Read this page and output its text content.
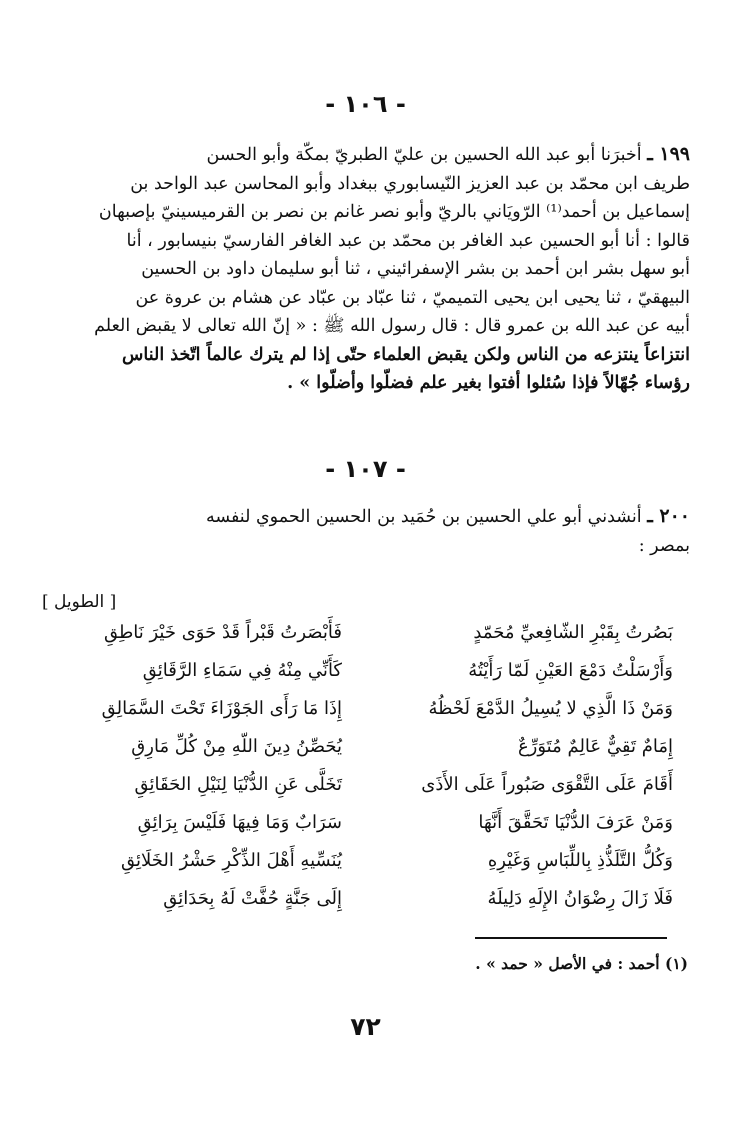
- ١٠٦ -
١٩٩ ـ أخبرَنا أبو عبد الله الحسين بن عليّ الطبريّ بمكّة وأبو الحسن
طريف ابن محمّد بن عبد العزيز النّيسابوري ببغداد وأبو المحاسن عبد الواحد بن
إسماعيل بن أحمد⁽¹⁾ الرّويَاني بالريّ وأبو نصر غانم بن نصر بن القرميسينيّ بإصبهان
قالوا : أنا أبو الحسين عبد الغافر بن محمّد بن عبد الغافر الفارسيّ بنيسابور ، أنا
أبو سهل بشر ابن أحمد بن بشر الإسفرائيني ، ثنا أبو سليمان داود بن الحسين
البيهقيّ ، ثنا يحيى ابن يحيى التميميّ ، ثنا عبّاد بن عبّاد عن هشام بن عروة عن
أبيه عن عبد الله بن عمرو قال : قال رسول الله ﷺ : « إنّ الله تعالى لا يقبض العلم
انتزاعاً ينتزعه من الناس ولكن يقبض العلماء حتّى إذا لم يترك عالماً اتّخذ الناس
رؤساء جُهّالاً فإذا سُئلوا أفتوا بغير علم فضلّوا وأضلّوا » .
- ١٠٧ -
٢٠٠ ـ أنشدني أبو علي الحسين بن حُمَيد بن الحسين الحموي لنفسه
بمصر :
[ الطويل ]
بَصُرتُ بِقَبْرِ الشّافِعيِّ مُحَمّدٍ
وَأَرْسَلْتُ دَمْعَ العَيْنِ لَمّا رَأَيْتُهُ
وَمَنْ ذَا الَّذِي لا يُسِيلُ الدَّمْعَ لَحْظُهُ
إِمَامٌ تَقِيٌّ عَالِمٌ مُتَوَرِّعٌ
أَقَامَ عَلَى التَّقْوَى صَبُوراً عَلَى الأَذَى
وَمَنْ عَرَفَ الدُّنْيَا تَحَقَّقَ أَنَّهَا
وَكُلُّ التَّلَذُّذِ بِاللِّبَاسِ وَغَيْرِهِ
فَلَا زَالَ رِضْوَانُ الإِلَهِ دَلِيلَهُ
فَأَبْصَرتُ قَبْراً قَدْ حَوَى خَيْرَ نَاطِقِ
كَأَنِّي مِنْهُ فِي سَمَاءِ الرَّقَائِقِ
إِذَا مَا رَأَى الجَوْزَاءَ تَحْتَ السَّمَالِقِ
يُحَصِّنُ دِينَ اللّهِ مِنْ كُلِّ مَارِقِ
تَخَلَّى عَنِ الدُّنْيَا لِنَيْلِ الحَقَائِقِ
سَرَابٌ وَمَا فِيهَا فَلَيْسَ بِرَائِقِ
يُنَسِّيهِ أَهْلَ الذِّكْرِ حَشْرُ الخَلَائِقِ
إِلَى جَنَّةٍ حُفَّتْ لَهُ بِحَدَائِقِ
(١) أحمد : في الأصل « حمد » .
٧٢
